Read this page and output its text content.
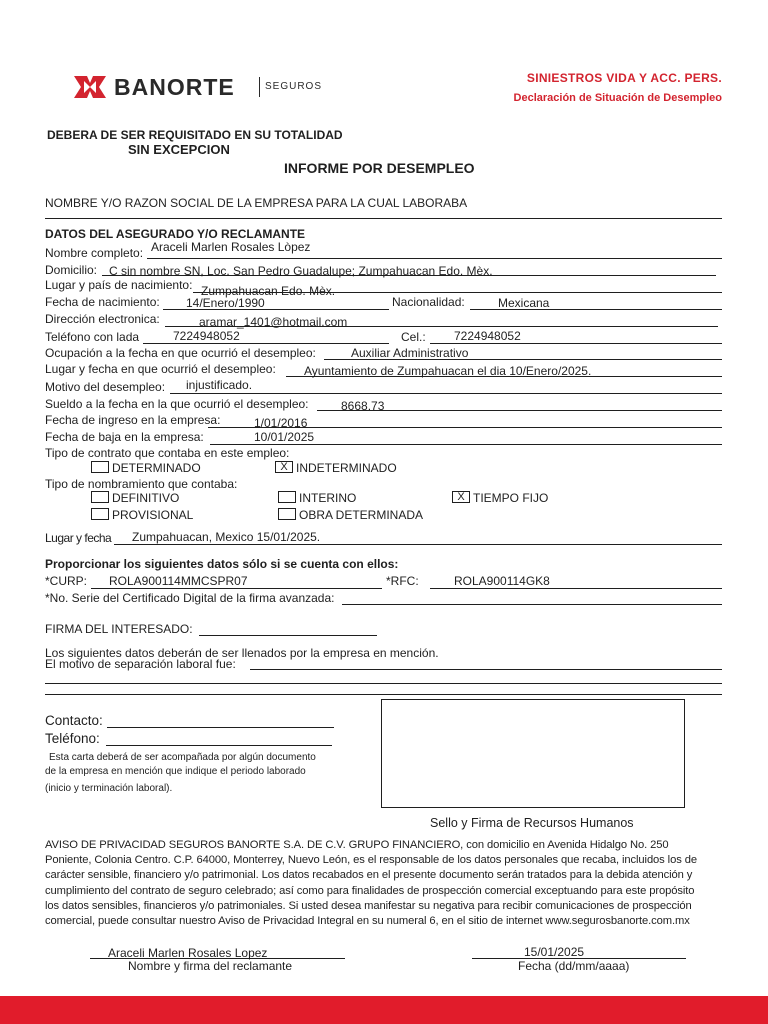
BANORTE	SEGUROS
SINIESTROS VIDA Y ACC. PERS.
Declaración de Situación de Desempleo
DEBERA DE SER REQUISITADO EN SU TOTALIDAD
SIN EXCEPCION
INFORME POR DESEMPLEO
NOMBRE Y/O RAZON SOCIAL DE LA EMPRESA PARA LA CUAL LABORABA
DATOS DEL ASEGURADO Y/O RECLAMANTE
Nombre completo: Araceli Marlen Rosales Lòpez
Domicilio: C sin nombre SN, Loc. San Pedro Guadalupe; Zumpahuacan Edo. Mèx.
Lugar y país de nacimiento: Zumpahuacan Edo. Mèx.
Fecha de nacimiento: 14/Enero/1990	Nacionalidad:	Mexicana
Dirección electronica:	aramar_1401@hotmail.com
Teléfono con lada	7224948052	Cel.: 7224948052
Ocupación a la fecha en que ocurrió el desempleo:	Auxiliar Administrativo
Lugar y fecha en que ocurrió el desempleo: Ayuntamiento de Zumpahuacan el dia 10/Enero/2025.
Motivo del desempleo: injustificado.
Sueldo a la fecha en la que ocurrió el desempleo:	8668.73
Fecha de ingreso en la empresa:	1/01/2016
Fecha de baja en la empresa:	10/01/2025
Tipo de contrato que contaba en este empleo:
DETERMINADO	X INDETERMINADO
Tipo de nombramiento que contaba:
DEFINITIVO	INTERINO	X TIEMPO FIJO
PROVISIONAL	OBRA DETERMINADA
Lugar y fecha Zumpahuacan, Mexico 15/01/2025.
Proporcionar los siguientes datos sólo si se cuenta con ellos:
*CURP: ROLA900114MMCSPR07	*RFC:	ROLA900114GK8
*No. Serie del Certificado Digital de la firma avanzada:
FIRMA DEL INTERESADO:
Los siguientes datos deberán de ser llenados por la empresa en mención.
El motivo de separación laboral fue:
Contacto:
Teléfono:
Esta carta deberá de ser acompañada por algún documento
de la empresa en mención que indique el periodo laborado
(inicio y terminación laboral).
Sello y Firma de Recursos Humanos
AVISO DE PRIVACIDAD SEGUROS BANORTE S.A. DE C.V. GRUPO FINANCIERO, con domicilio en Avenida Hidalgo No. 250
Poniente, Colonia Centro. C.P. 64000, Monterrey, Nuevo León, es el responsable de los datos personales que recaba, incluidos los de
carácter sensible, financiero y/o patrimonial. Los datos recabados en el presente documento serán tratados para la debida atención y
cumplimiento del contrato de seguro celebrado; así como para finalidades de prospección comercial exceptuando para este propósito
los datos sensibles, financieros y/o patrimoniales. Si usted desea manifestar su negativa para recibir comunicaciones de prospección
comercial, puede consultar nuestro Aviso de Privacidad Integral en su numeral 6, en el sitio de internet www.segurosbanorte.com.mx
Araceli Marlen Rosales Lopez
Nombre y firma del reclamante
15/01/2025
Fecha (dd/mm/aaaa)
